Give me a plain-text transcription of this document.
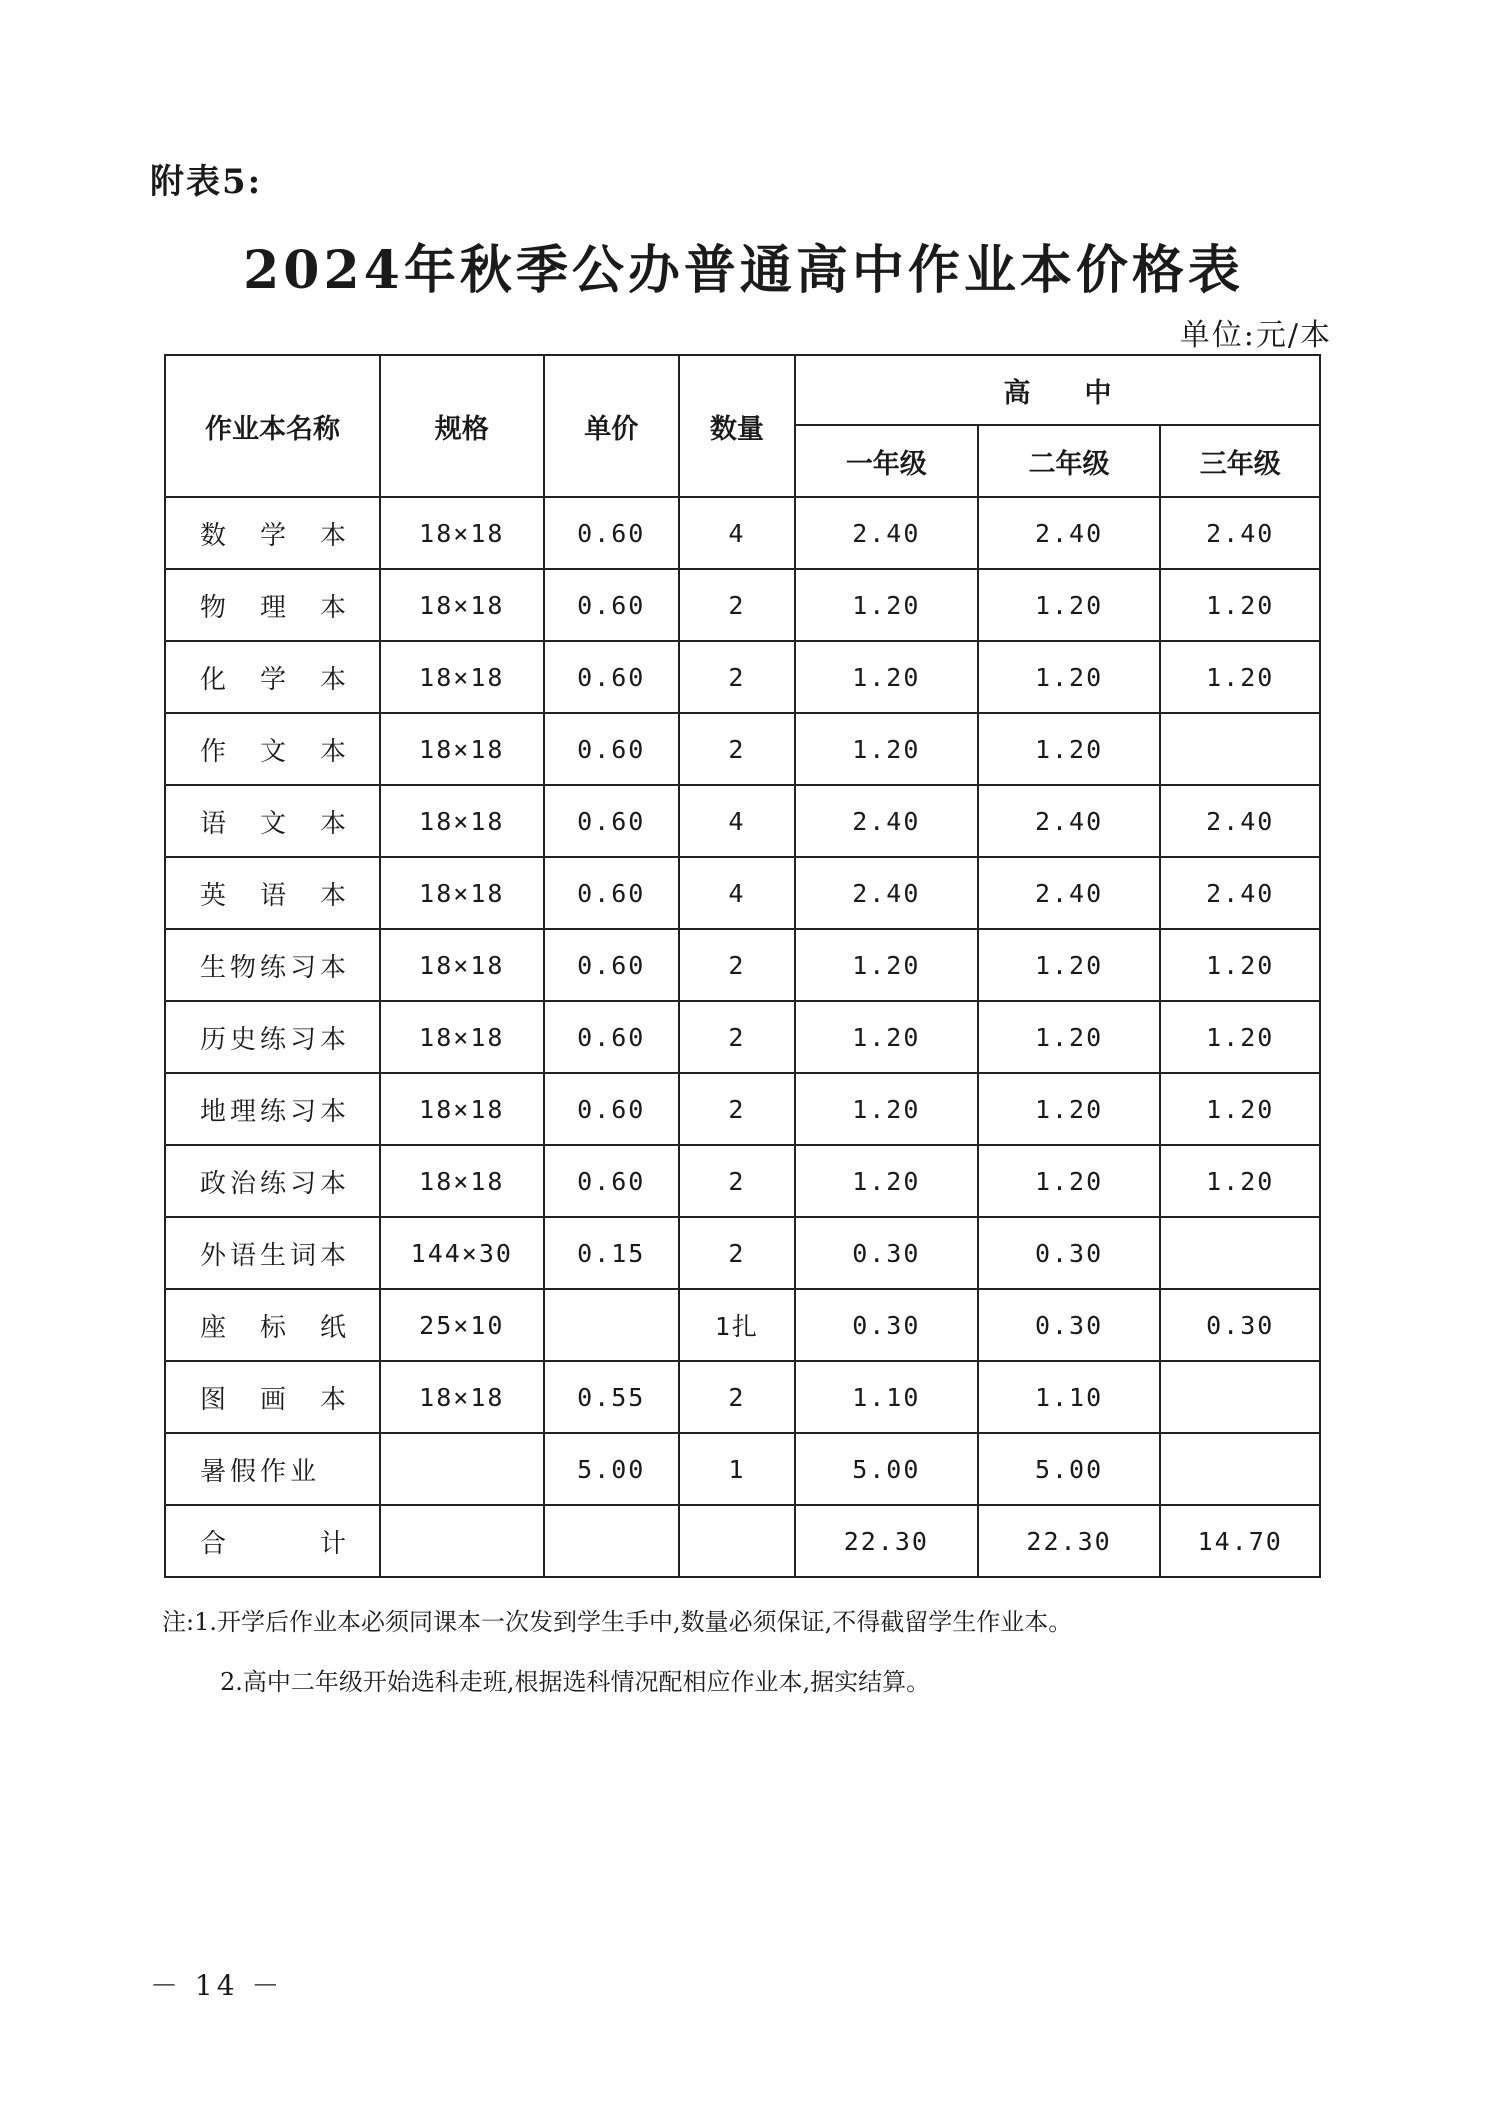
附表5:
2024年秋季公办普通高中作业本价格表
单位:元/本
作业本名称	规格	单价	数量	高　　中		
				一年级	二年级	三年级
数　学　本	18×18	0.60	4	2.40	2.40	2.40
物　理　本	18×18	0.60	2	1.20	1.20	1.20
化　学　本	18×18	0.60	2	1.20	1.20	1.20
作　文　本	18×18	0.60	2	1.20	1.20	
语　文　本	18×18	0.60	4	2.40	2.40	2.40
英　语　本	18×18	0.60	4	2.40	2.40	2.40
生物练习本	18×18	0.60	2	1.20	1.20	1.20
历史练习本	18×18	0.60	2	1.20	1.20	1.20
地理练习本	18×18	0.60	2	1.20	1.20	1.20
政治练习本	18×18	0.60	2	1.20	1.20	1.20
外语生词本	144×30	0.15	2	0.30	0.30	
座　标　纸	25×10		1扎	0.30	0.30	0.30
图　画　本	18×18	0.55	2	1.10	1.10	
暑假作业		5.00	1	5.00	5.00	
合　　　计				22.30	22.30	14.70
注:1.开学后作业本必须同课本一次发到学生手中,数量必须保证,不得截留学生作业本。
2.高中二年级开始选科走班,根据选科情况配相应作业本,据实结算。
－ 14 －
